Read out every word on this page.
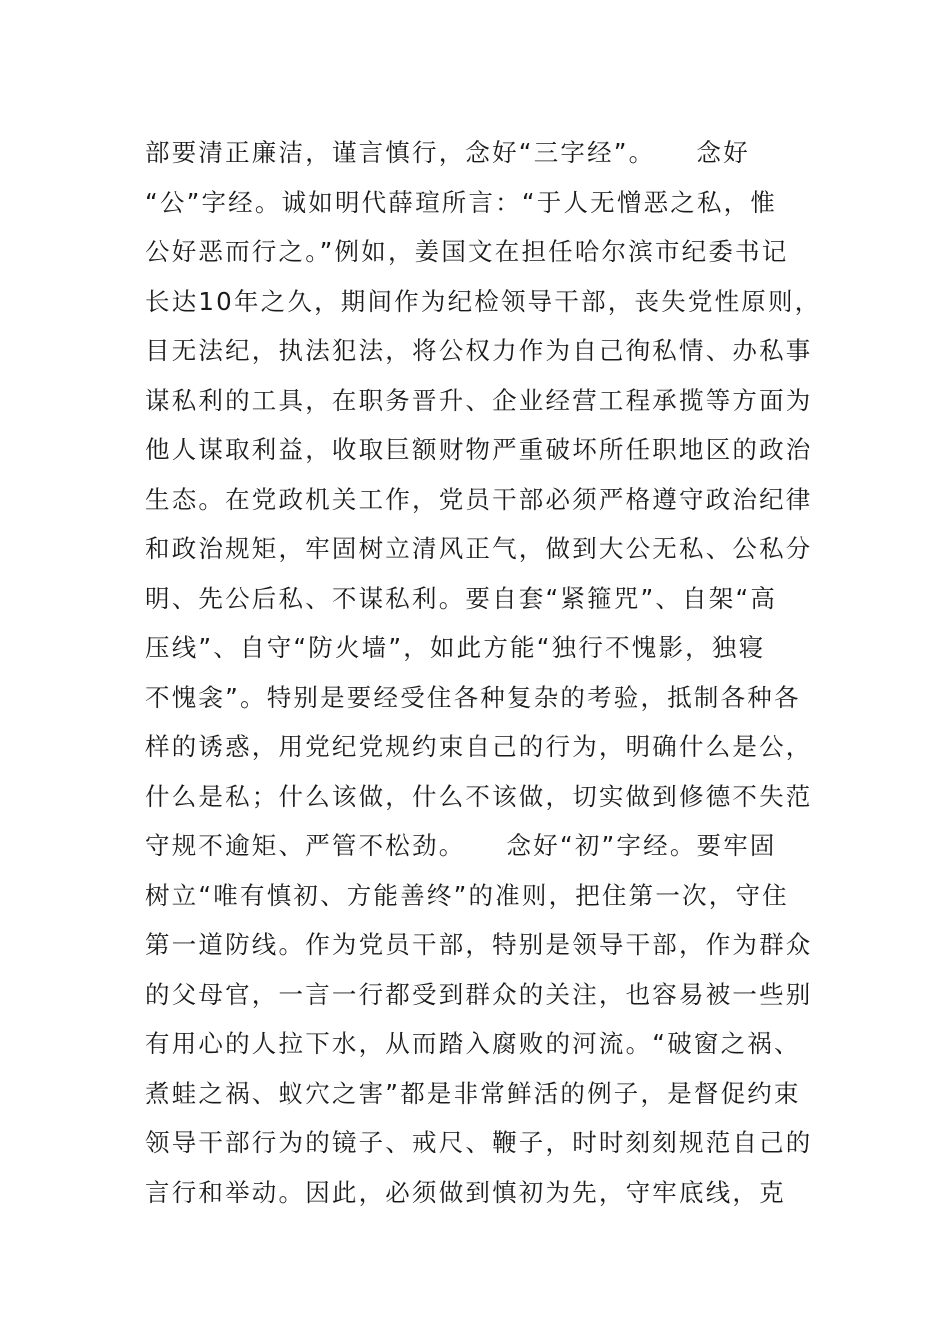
部要清正廉洁，谨言慎行，念好“三字经”。　　念好
“公”字经。诚如明代薛瑄所言：“于人无憎恶之私，惟
公好恶而行之。”例如，姜国文在担任哈尔滨市纪委书记
长达10年之久，期间作为纪检领导干部，丧失党性原则，
目无法纪，执法犯法，将公权力作为自己徇私情、办私事
谋私利的工具，在职务晋升、企业经营工程承揽等方面为
他人谋取利益，收取巨额财物严重破坏所任职地区的政治
生态。在党政机关工作，党员干部必须严格遵守政治纪律
和政治规矩，牢固树立清风正气，做到大公无私、公私分
明、先公后私、不谋私利。要自套“紧箍咒”、自架“高
压线”、自守“防火墙”，如此方能“独行不愧影，独寝
不愧衾”。特别是要经受住各种复杂的考验，抵制各种各
样的诱惑，用党纪党规约束自己的行为，明确什么是公，
什么是私；什么该做，什么不该做，切实做到修德不失范
守规不逾矩、严管不松劲。　　念好“初”字经。要牢固
树立“唯有慎初、方能善终”的准则，把住第一次，守住
第一道防线。作为党员干部，特别是领导干部，作为群众
的父母官，一言一行都受到群众的关注，也容易被一些别
有用心的人拉下水，从而踏入腐败的河流。“破窗之祸、
煮蛙之祸、蚁穴之害”都是非常鲜活的例子，是督促约束
领导干部行为的镜子、戒尺、鞭子，时时刻刻规范自己的
言行和举动。因此，必须做到慎初为先，守牢底线，克
